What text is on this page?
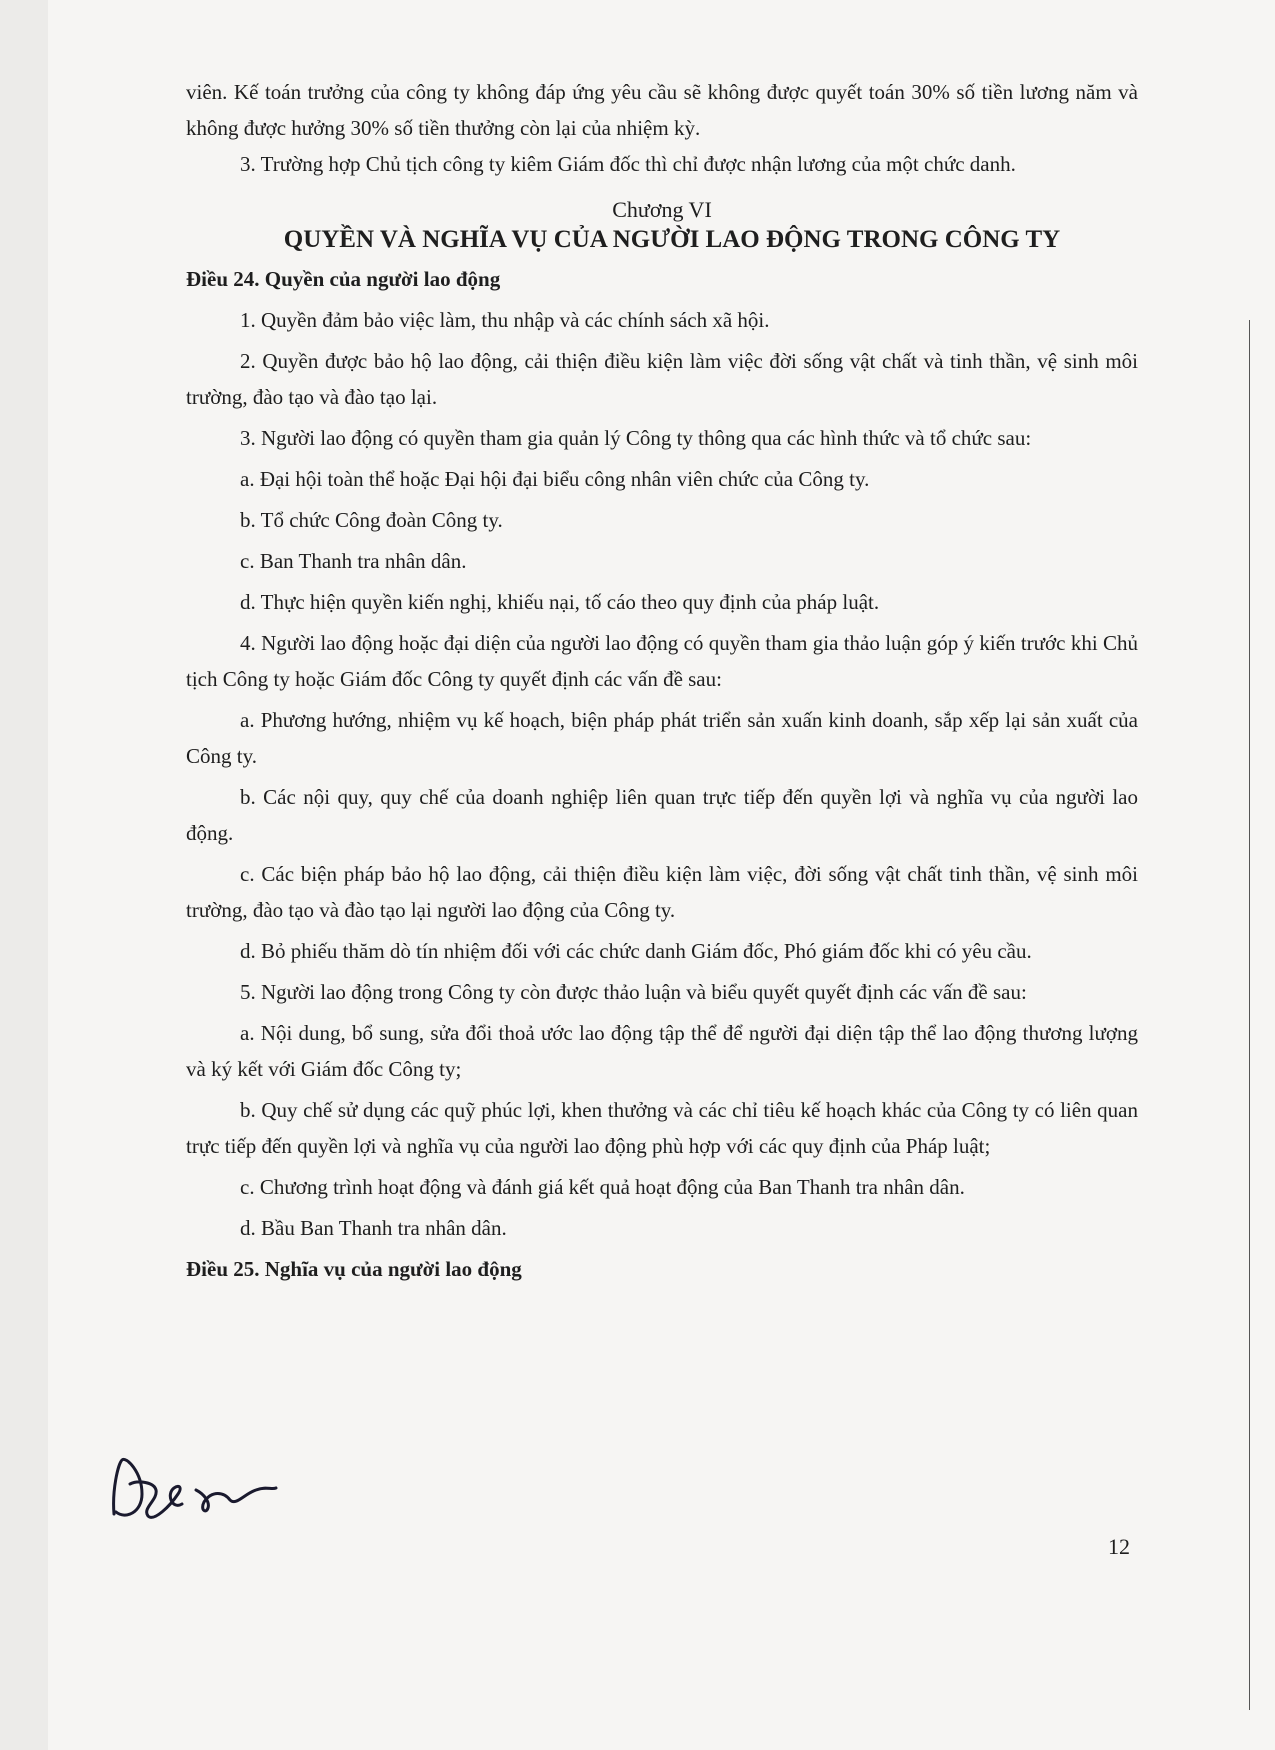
viên. Kế toán trưởng của công ty không đáp ứng yêu cầu sẽ không được quyết toán 30% số tiền lương năm và không được hưởng 30% số tiền thưởng còn lại của nhiệm kỳ.

3. Trường hợp Chủ tịch công ty kiêm Giám đốc thì chỉ được nhận lương của một chức danh.

Chương VI

QUYỀN VÀ NGHĨA VỤ CỦA NGƯỜI LAO ĐỘNG TRONG CÔNG TY

Điều 24. Quyền của người lao động

1. Quyền đảm bảo việc làm, thu nhập và các chính sách xã hội.

2. Quyền được bảo hộ lao động, cải thiện điều kiện làm việc đời sống vật chất và tinh thần, vệ sinh môi trường, đào tạo và đào tạo lại.

3. Người lao động có quyền tham gia quản lý Công ty thông qua các hình thức và tổ chức sau:

a. Đại hội toàn thể hoặc Đại hội đại biểu công nhân viên chức của Công ty.

b. Tổ chức Công đoàn Công ty.

c. Ban Thanh tra nhân dân.

d. Thực hiện quyền kiến nghị, khiếu nại, tố cáo theo quy định của pháp luật.

4. Người lao động hoặc đại diện của người lao động có quyền tham gia thảo luận góp ý kiến trước khi Chủ tịch Công ty hoặc Giám đốc Công ty quyết định các vấn đề sau:

a. Phương hướng, nhiệm vụ kế hoạch, biện pháp phát triển sản xuấn kinh doanh, sắp xếp lại sản xuất của Công ty.

b. Các nội quy, quy chế của doanh nghiệp liên quan trực tiếp đến quyền lợi và nghĩa vụ của người lao động.

c. Các biện pháp bảo hộ lao động, cải thiện điều kiện làm việc, đời sống vật chất tinh thần, vệ sinh môi trường, đào tạo và đào tạo lại người lao động của Công ty.

d. Bỏ phiếu thăm dò tín nhiệm đối với các chức danh Giám đốc, Phó giám đốc khi có yêu cầu.

5. Người lao động trong Công ty còn được thảo luận và biểu quyết quyết định các vấn đề sau:

a. Nội dung, bổ sung, sửa đổi thoả ước lao động tập thể để người đại diện tập thể lao động thương lượng và ký kết với Giám đốc Công ty;

b. Quy chế sử dụng các quỹ phúc lợi, khen thưởng và các chỉ tiêu kế hoạch khác của Công ty có liên quan trực tiếp đến quyền lợi và nghĩa vụ của người lao động phù hợp với các quy định của Pháp luật;

c. Chương trình hoạt động và đánh giá kết quả hoạt động của Ban Thanh tra nhân dân.

d. Bầu Ban Thanh tra nhân dân.

Điều 25. Nghĩa vụ của người lao động

12
